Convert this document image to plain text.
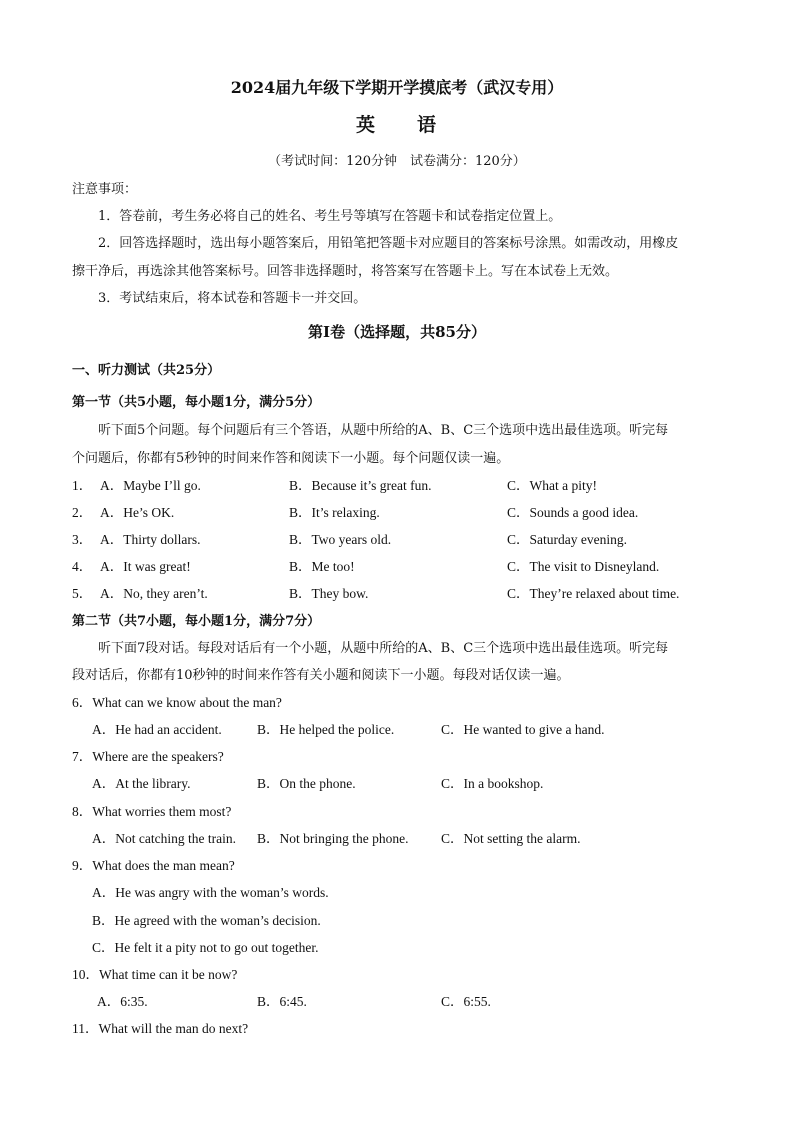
2024届九年级下学期开学摸底考（武汉专用）
英 语
（考试时间：120分钟　试卷满分：120分）
注意事项：
1．答卷前，考生务必将自己的姓名、考生号等填写在答题卡和试卷指定位置上。
2．回答选择题时，选出每小题答案后，用铅笔把答题卡对应题目的答案标号涂黑。如需改动，用橡皮
擦干净后，再选涂其他答案标号。回答非选择题时，将答案写在答题卡上。写在本试卷上无效。
3．考试结束后，将本试卷和答题卡一并交回。
第Ⅰ卷（选择题，共85分）
一、听力测试（共25分）
第一节（共5小题，每小题1分，满分5分）
听下面5个问题。每个问题后有三个答语，从题中所给的A、B、C三个选项中选出最佳选项。听完每
个问题后，你都有5秒钟的时间来作答和阅读下一小题。每个问题仅读一遍。
1． A．Maybe I’ll go.	B．Because it’s great fun.	C．What a pity!
2． A．He’s OK.	B．It’s relaxing.	C．Sounds a good idea.
3． A．Thirty dollars.	B．Two years old.	C．Saturday evening.
4． A．It was great!	B．Me too!	C．The visit to Disneyland.
5． A．No, they aren’t.	B．They bow.	C．They’re relaxed about time.
第二节（共7小题，每小题1分，满分7分）
听下面7段对话。每段对话后有一个小题，从题中所给的A、B、C三个选项中选出最佳选项。听完每
段对话后，你都有10秒钟的时间来作答有关小题和阅读下一小题。每段对话仅读一遍。
6．What can we know about the man?
A．He had an accident.	B．He helped the police.	C．He wanted to give a hand.
7．Where are the speakers?
A．At the library.	B．On the phone.	C．In a bookshop.
8．What worries them most?
A．Not catching the train. B．Not bringing the phone. C．Not setting the alarm.
9．What does the man mean?
A．He was angry with the woman’s words.
B．He agreed with the woman’s decision.
C．He felt it a pity not to go out together.
10．What time can it be now?
A．6:35.	B．6:45.	C．6:55.
11．What will the man do next?
